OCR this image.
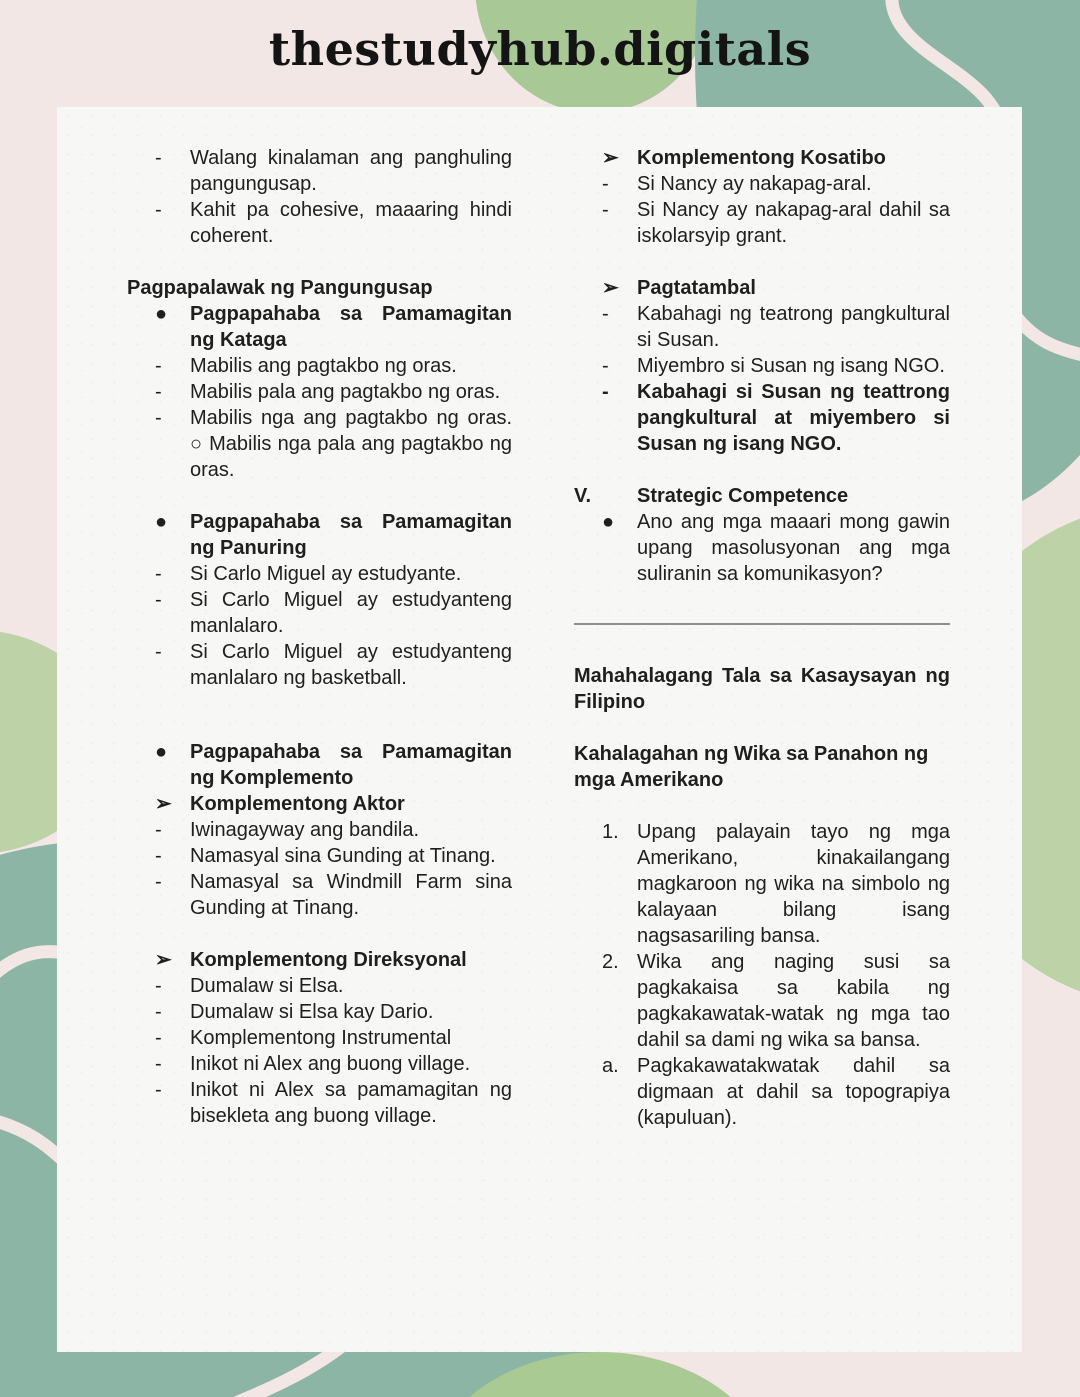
thestudyhub.digitals
-	Walang kinalaman ang panghuling pangungusap.
-	Kahit pa cohesive, maaaring hindi coherent.
Pagpapalawak ng Pangungusap
●	Pagpapahaba sa Pamamagitan ng Kataga
-	Mabilis ang pagtakbo ng oras.
-	Mabilis pala ang pagtakbo ng oras.
-	Mabilis nga ang pagtakbo ng oras. ○ Mabilis nga pala ang pagtakbo ng oras.
●	Pagpapahaba sa Pamamagitan ng Panuring
-	Si Carlo Miguel ay estudyante.
-	Si Carlo Miguel ay estudyanteng manlalaro.
-	Si Carlo Miguel ay estudyanteng manlalaro ng basketball.
●	Pagpapahaba sa Pamamagitan ng Komplemento
➢ Komplementong Aktor
-	Iwinagayway ang bandila.
-	Namasyal sina Gunding at Tinang.
-	Namasyal sa Windmill Farm sina Gunding at Tinang.
➢ Komplementong Direksyonal
-	Dumalaw si Elsa.
-	Dumalaw si Elsa kay Dario.
-	Komplementong Instrumental
-	Inikot ni Alex ang buong village.
-	Inikot ni Alex sa pamamagitan ng bisekleta ang buong village.
➢ Komplementong Kosatibo
-	Si Nancy ay nakapag-aral.
-	Si Nancy ay nakapag-aral dahil sa iskolarsyip grant.
➢ Pagtatambal
-	Kabahagi ng teatrong pangkultural si Susan.
-	Miyembro si Susan ng isang NGO.
-	Kabahagi si Susan ng teattrong pangkultural at miyembero si Susan ng isang NGO.
V.	Strategic Competence
●	Ano ang mga maaari mong gawin upang masolusyonan ang mga suliranin sa komunikasyon?
Mahahalagang Tala sa Kasaysayan ng Filipino
Kahalagahan ng Wika sa Panahon ng mga Amerikano
1. Upang palayain tayo ng mga Amerikano, kinakailangang magkaroon ng wika na simbolo ng kalayaan bilang isang nagsasariling bansa.
2. Wika ang naging susi sa pagkakaisa sa kabila ng pagkakawatak-watak ng mga tao dahil sa dami ng wika sa bansa.
a. Pagkakawatakwatak dahil sa digmaan at dahil sa topograpiya (kapuluan).
